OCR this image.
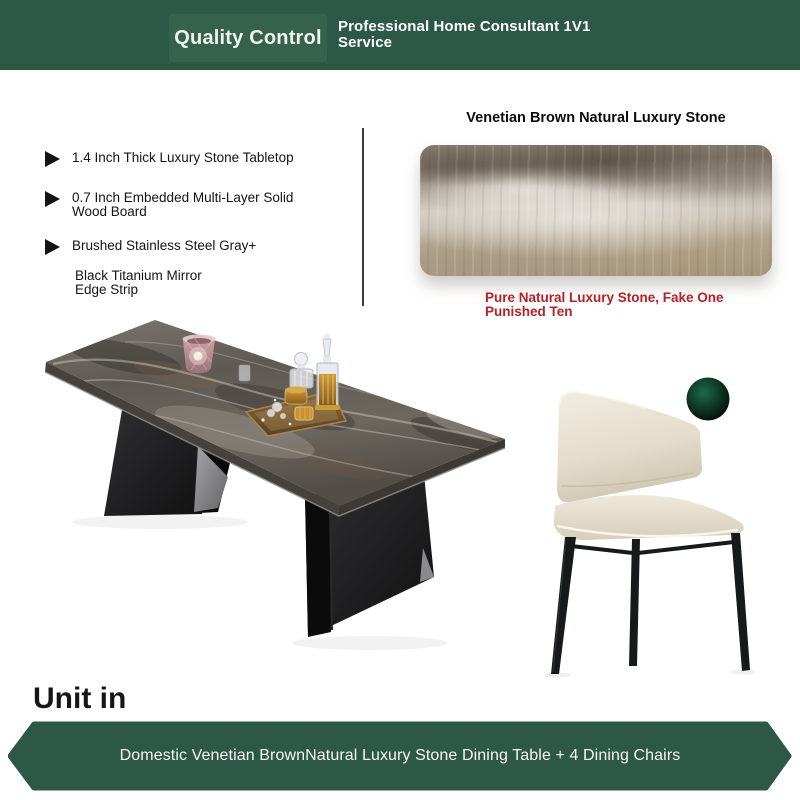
Quality Control Professional Home Consultant 1V1
Service
1.4 Inch Thick Luxury Stone Tabletop
0.7 Inch Embedded Multi-Layer Solid
Wood Board
Brushed Stainless Steel Gray+
Black Titanium Mirror
Edge Strip
Venetian Brown Natural Luxury Stone
Pure Natural Luxury Stone, Fake One
Punished Ten
Unit in
Domestic Venetian BrownNatural Luxury Stone Dining Table + 4 Dining Chairs
